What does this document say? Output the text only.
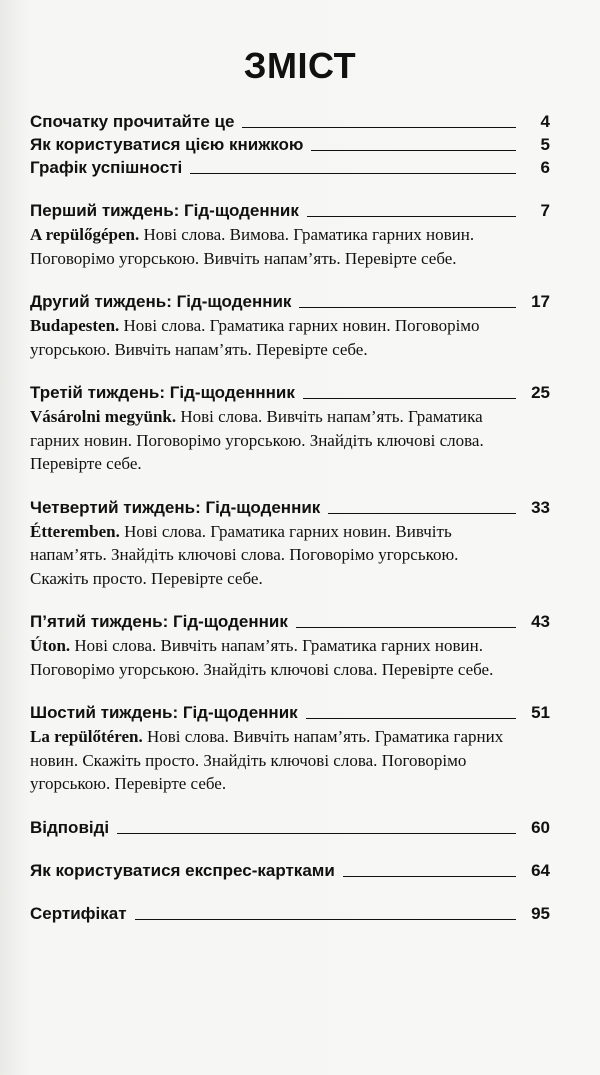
ЗМІСТ
Спочатку прочитайте це	4
Як користуватися цією книжкою	5
Графік успішності	6
Перший тиждень: Гід-щоденник	7
A repülőgépen. Нові слова. Вимова. Граматика гарних новин. Поговорімо угорською. Вивчіть напам’ять. Перевірте себе.
Другий тиждень: Гід-щоденник	17
Budapesten. Нові слова. Граматика гарних новин. Поговорімо угорською. Вивчіть напам’ять. Перевірте себе.
Третій тиждень: Гід-щоденнник	25
Vásárolni megyünk. Нові слова. Вивчіть напам’ять. Граматика гарних новин. Поговорімо угорською. Знайдіть ключові слова. Перевірте себе.
Четвертий тиждень: Гід-щоденник	33
Étteremben. Нові слова. Граматика гарних новин. Вивчіть напам’ять. Знайдіть ключові слова. Поговорімо угорською. Скажіть просто. Перевірте себе.
П’ятий тиждень: Гід-щоденник	43
Úton. Нові слова. Вивчіть напам’ять. Граматика гарних новин. Поговорімо угорською. Знайдіть ключові слова. Перевірте себе.
Шостий тиждень: Гід-щоденник	51
La repülőtéren. Нові слова. Вивчіть напам’ять. Граматика гарних новин. Скажіть просто. Знайдіть ключові слова. Поговорімо угорською. Перевірте себе.
Відповіді	60
Як користуватися експрес-картками	64
Сертифікат	95
